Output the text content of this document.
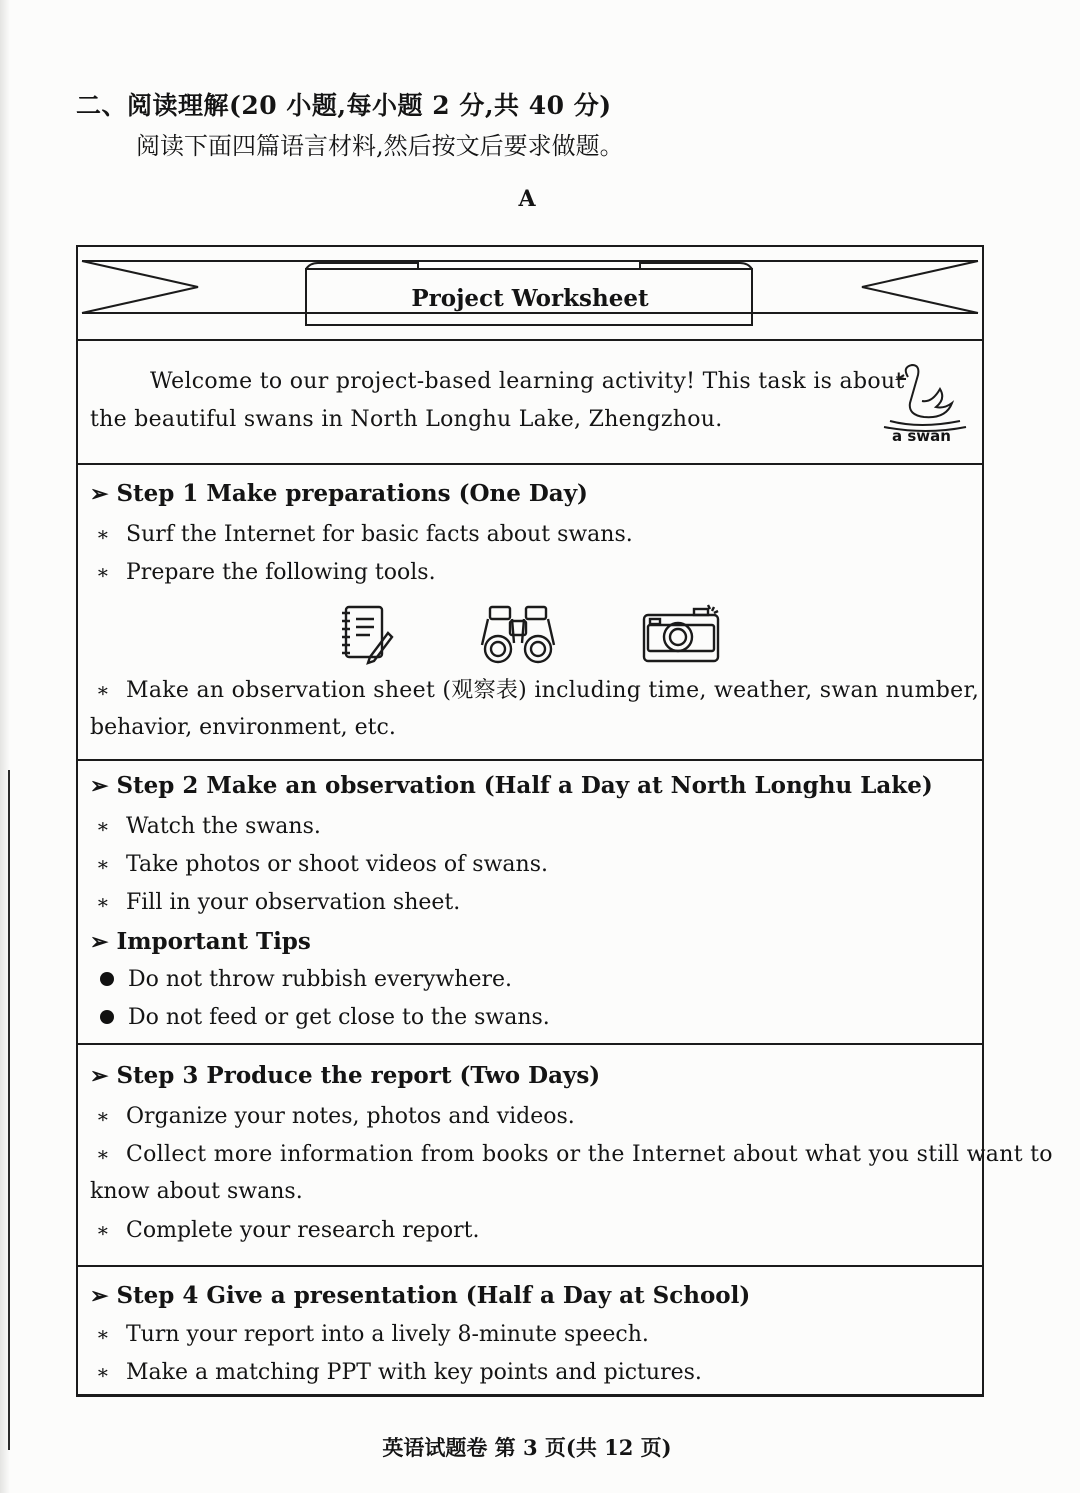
二、阅读理解(20 小题,每小题 2 分,共 40 分)
阅读下面四篇语言材料,然后按文后要求做题。
A
Project Worksheet
Welcome to our project-based learning activity! This task is about
the beautiful swans in North Longhu Lake, Zhengzhou.
a swan
➢ Step 1 Make preparations (One Day)
∗ Surf the Internet for basic facts about swans.
∗ Prepare the following tools.
∗ Make an observation sheet (观察表) including time, weather, swan number,
behavior, environment, etc.
➢ Step 2 Make an observation (Half a Day at North Longhu Lake)
∗ Watch the swans.
∗ Take photos or shoot videos of swans.
∗ Fill in your observation sheet.
➢ Important Tips
Do not throw rubbish everywhere.
Do not feed or get close to the swans.
➢ Step 3 Produce the report (Two Days)
∗ Organize your notes, photos and videos.
∗ Collect more information from books or the Internet about what you still want to
know about swans.
∗ Complete your research report.
➢ Step 4 Give a presentation (Half a Day at School)
∗ Turn your report into a lively 8-minute speech.
∗ Make a matching PPT with key points and pictures.
英语试题卷 第 3 页(共 12 页)
